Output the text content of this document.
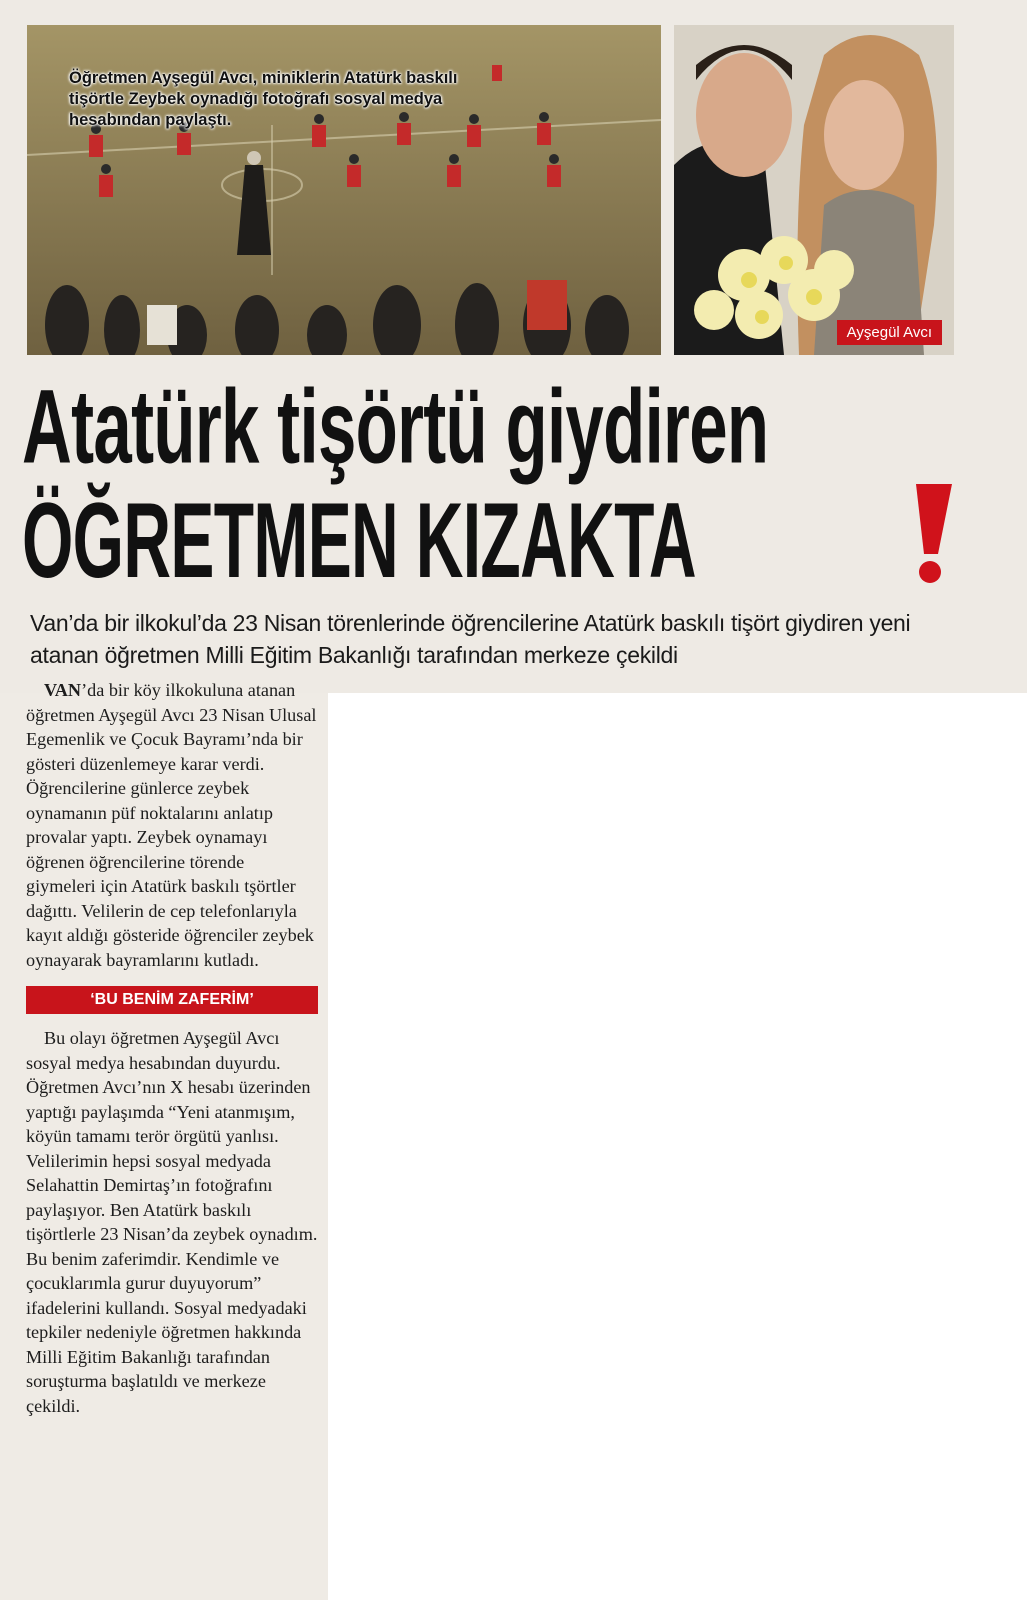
Öğretmen Ayşegül Avcı, miniklerin Atatürk baskılı tişörtle Zeybek oynadığı fotoğrafı sosyal medya hesabından paylaştı.
Ayşegül Avcı
Atatürk tişörtü giydiren
ÖĞRETMEN KIZAKTA

Van’da bir ilkokul’da 23 Nisan törenlerinde öğrencilerine Atatürk baskılı tişört giydiren yeni atanan öğretmen Milli Eğitim Bakanlığı tarafından merkeze çekildi

VAN’da bir köy ilkokuluna atanan öğretmen Ayşegül Avcı 23 Nisan Ulusal Egemenlik ve Çocuk Bayramı’nda bir gösteri düzenlemeye karar verdi. Öğrencilerine günlerce zeybek oynamanın püf noktalarını anlatıp provalar yaptı. Zeybek oynamayı öğrenen öğrencilerine törende giymeleri için Atatürk baskılı tşörtler dağıttı. Velilerin de cep telefonlarıyla kayıt aldığı gösteride öğrenciler zeybek oynayarak bayramlarını kutladı.

‘BU BENİM ZAFERİM’

Bu olayı öğretmen Ayşegül Avcı sosyal medya hesabından duyurdu. Öğretmen Avcı’nın X hesabı üzerinden yaptığı paylaşımda “Yeni atanmışım, köyün tamamı terör örgütü yanlısı. Velilerimin hepsi sosyal medyada Selahattin Demirtaş’ın fotoğrafını paylaşıyor. Ben Atatürk baskılı tişörtlerle 23 Nisan’da zeybek oynadım. Bu benim zaferimdir. Kendimle ve çocuklarımla gurur duyuyorum” ifadelerini kullandı. Sosyal medyadaki tepkiler nedeniyle öğretmen hakkında Milli Eğitim Bakanlığı tarafından soruşturma başlatıldı ve merkeze çekildi.
